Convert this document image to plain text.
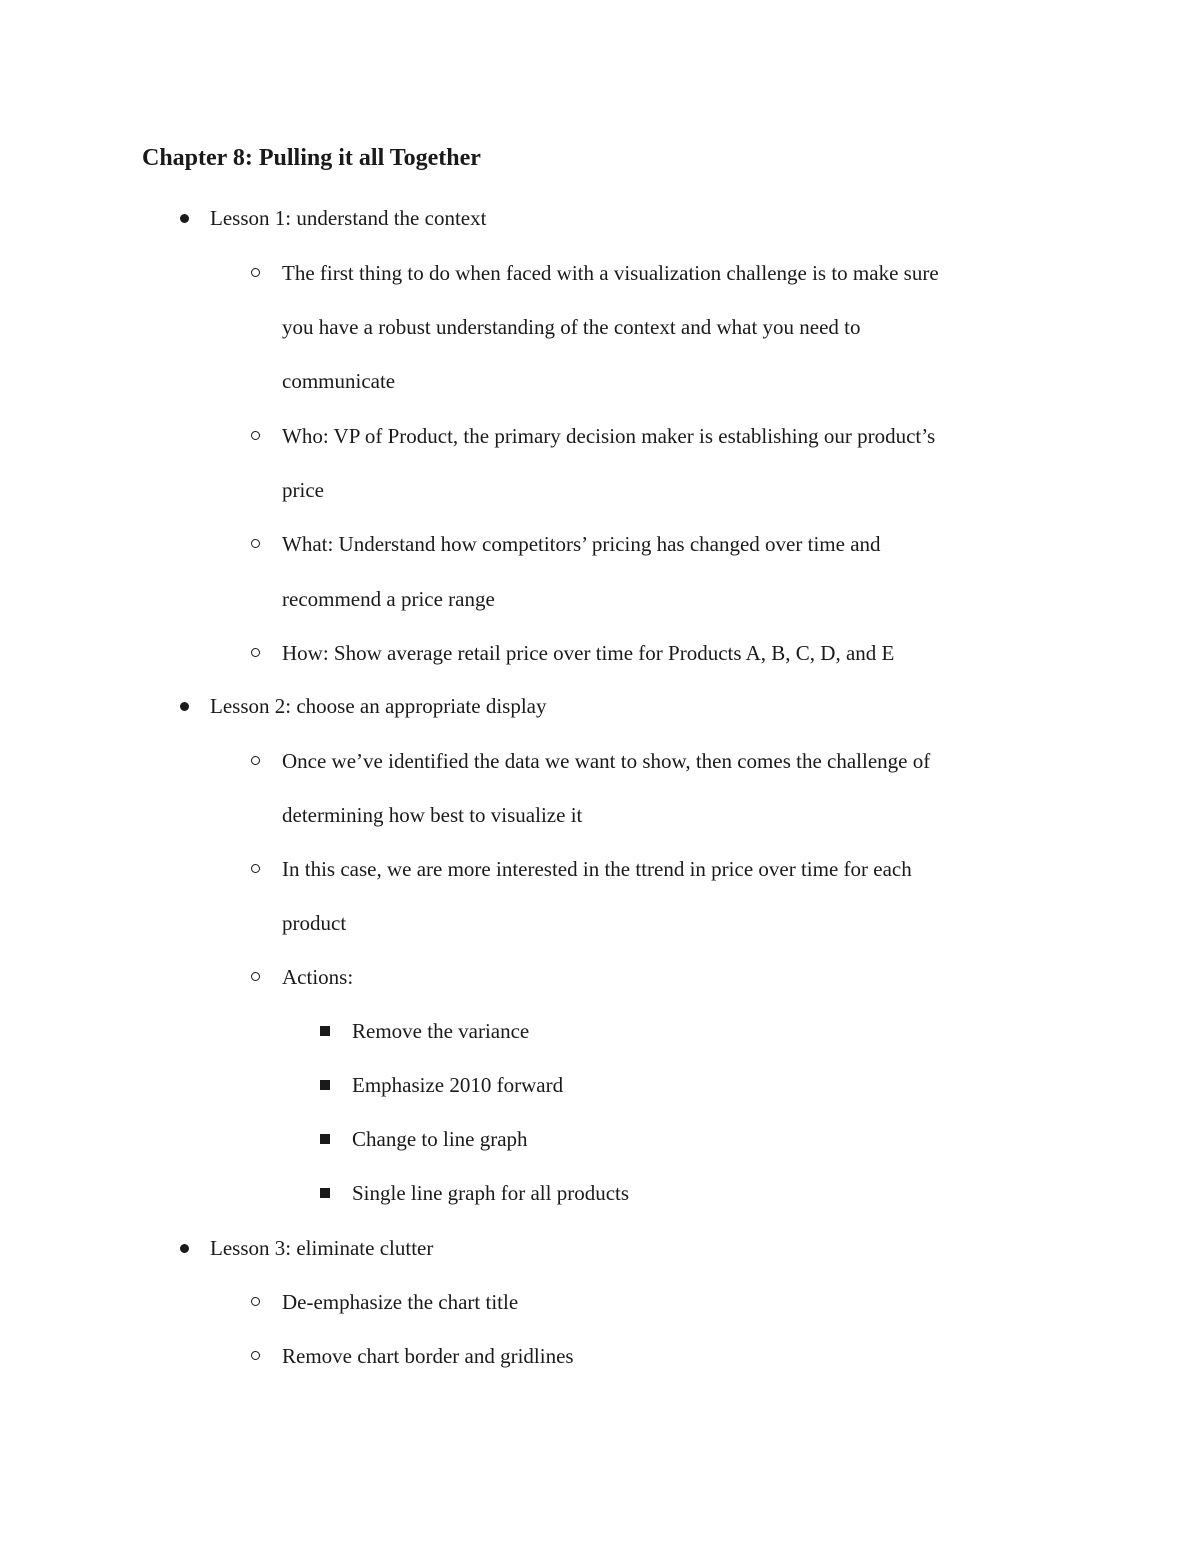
Chapter 8: Pulling it all Together
Lesson 1: understand the context
The first thing to do when faced with a visualization challenge is to make sure
you have a robust understanding of the context and what you need to
communicate
Who: VP of Product, the primary decision maker is establishing our product’s
price
What: Understand how competitors’ pricing has changed over time and
recommend a price range
How: Show average retail price over time for Products A, B, C, D, and E
Lesson 2: choose an appropriate display
Once we’ve identified the data we want to show, then comes the challenge of
determining how best to visualize it
In this case, we are more interested in the ttrend in price over time for each
product
Actions:
Remove the variance
Emphasize 2010 forward
Change to line graph
Single line graph for all products
Lesson 3: eliminate clutter
De-emphasize the chart title
Remove chart border and gridlines
